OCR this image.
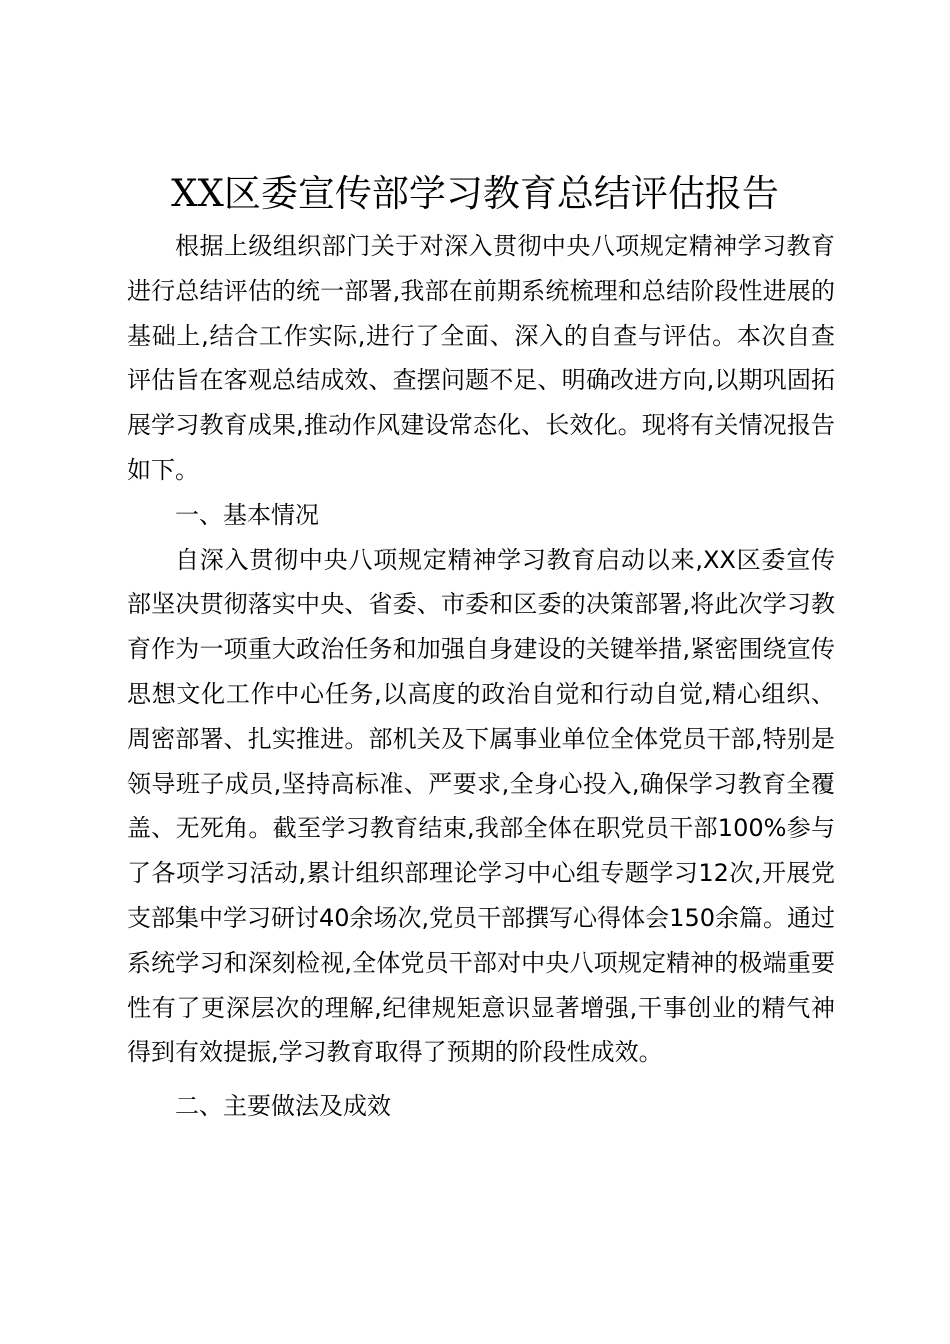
XX区委宣传部学习教育总结评估报告

根据上级组织部门关于对深入贯彻中央八项规定精神学习教育进行总结评估的统一部署,我部在前期系统梳理和总结阶段性进展的基础上,结合工作实际,进行了全面、深入的自查与评估。本次自查评估旨在客观总结成效、查摆问题不足、明确改进方向,以期巩固拓展学习教育成果,推动作风建设常态化、长效化。现将有关情况报告如下。

一、基本情况

自深入贯彻中央八项规定精神学习教育启动以来,XX区委宣传部坚决贯彻落实中央、省委、市委和区委的决策部署,将此次学习教育作为一项重大政治任务和加强自身建设的关键举措,紧密围绕宣传思想文化工作中心任务,以高度的政治自觉和行动自觉,精心组织、周密部署、扎实推进。部机关及下属事业单位全体党员干部,特别是领导班子成员,坚持高标准、严要求,全身心投入,确保学习教育全覆盖、无死角。截至学习教育结束,我部全体在职党员干部100%参与了各项学习活动,累计组织部理论学习中心组专题学习12次,开展党支部集中学习研讨40余场次,党员干部撰写心得体会150余篇。通过系统学习和深刻检视,全体党员干部对中央八项规定精神的极端重要性有了更深层次的理解,纪律规矩意识显著增强,干事创业的精气神得到有效提振,学习教育取得了预期的阶段性成效。

二、主要做法及成效
